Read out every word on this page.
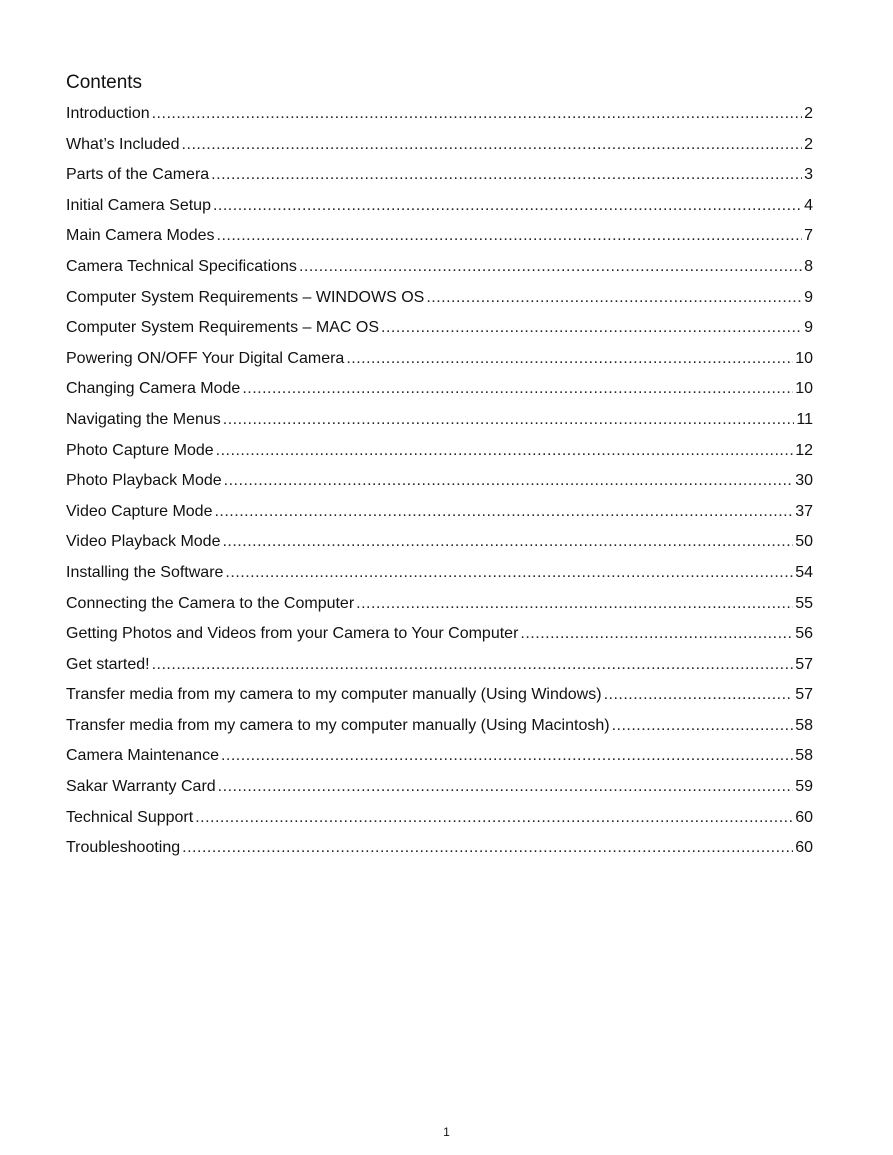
Contents
Introduction .....	2
What’s Included .....	2
Parts of the Camera .....	3
Initial Camera Setup .....	4
Main Camera Modes .....	7
Camera Technical Specifications .....	8
Computer System Requirements – WINDOWS OS .....	9
Computer System Requirements – MAC OS .....	9
Powering ON/OFF Your Digital Camera .....	10
Changing Camera Mode .....	10
Navigating the Menus .....	11
Photo Capture Mode .....	12
Photo Playback Mode .....	30
Video Capture Mode .....	37
Video Playback Mode .....	50
Installing the Software .....	54
Connecting the Camera to the Computer .....	55
Getting Photos and Videos from your Camera to Your Computer .....	56
Get started! .....	57
Transfer media from my camera to my computer manually (Using Windows) .....	57
Transfer media from my camera to my computer manually (Using Macintosh) .....	58
Camera Maintenance .....	58
Sakar Warranty Card .....	59
Technical Support .....	60
Troubleshooting .....	60
1
